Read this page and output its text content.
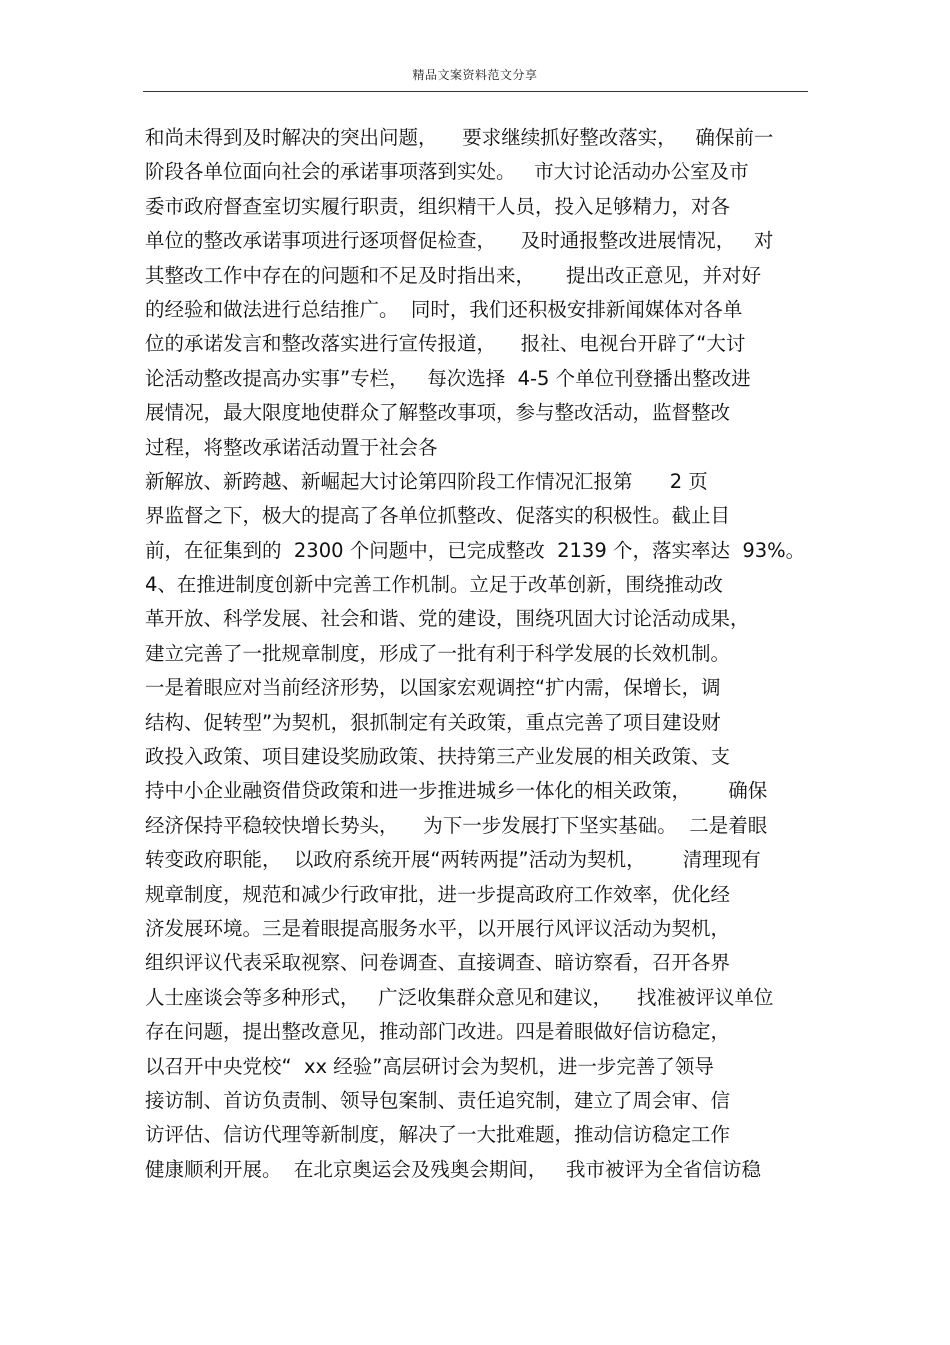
精品文案资料范文分享
和尚未得到及时解决的突出问题，    要求继续抓好整改落实，   确保前一
阶段各单位面向社会的承诺事项落到实处。   市大讨论活动办公室及市
委市政府督查室切实履行职责，组织精干人员，投入足够精力，对各
单位的整改承诺事项进行逐项督促检查，    及时通报整改进展情况，   对
其整改工作中存在的问题和不足及时指出来，     提出改正意见，并对好
的经验和做法进行总结推广。  同时，我们还积极安排新闻媒体对各单
位的承诺发言和整改落实进行宣传报道，    报社、电视台开辟了“大讨
论活动整改提高办实事”专栏，   每次选择  4-5 个单位刊登播出整改进
展情况，最大限度地使群众了解整改事项，参与整改活动，监督整改
过程，将整改承诺活动置于社会各
新解放、新跨越、新崛起大讨论第四阶段工作情况汇报第      2 页
界监督之下，极大的提高了各单位抓整改、促落实的积极性。截止目
前，在征集到的  2300 个问题中，已完成整改  2139 个，落实率达  93%。
4、在推进制度创新中完善工作机制。立足于改革创新，围绕推动改
革开放、科学发展、社会和谐、党的建设，围绕巩固大讨论活动成果，
建立完善了一批规章制度，形成了一批有利于科学发展的长效机制。
一是着眼应对当前经济形势，以国家宏观调控“扩内需，保增长，调
结构、促转型”为契机，狠抓制定有关政策，重点完善了项目建设财
政投入政策、项目建设奖励政策、扶持第三产业发展的相关政策、支
持中小企业融资借贷政策和进一步推进城乡一体化的相关政策，      确保
经济保持平稳较快增长势头，    为下一步发展打下坚实基础。  二是着眼
转变政府职能，  以政府系统开展“两转两提”活动为契机，      清理现有
规章制度，规范和减少行政审批，进一步提高政府工作效率，优化经
济发展环境。三是着眼提高服务水平，以开展行风评议活动为契机，
组织评议代表采取视察、问卷调查、直接调查、暗访察看，召开各界
人士座谈会等多种形式，   广泛收集群众意见和建议，    找准被评议单位
存在问题，提出整改意见，推动部门改进。四是着眼做好信访稳定，
以召开中央党校“  xx 经验”高层研讨会为契机，进一步完善了领导
接访制、首访负责制、领导包案制、责任追究制，建立了周会审、信
访评估、信访代理等新制度，解决了一大批难题，推动信访稳定工作
健康顺利开展。  在北京奥运会及残奥会期间，   我市被评为全省信访稳
